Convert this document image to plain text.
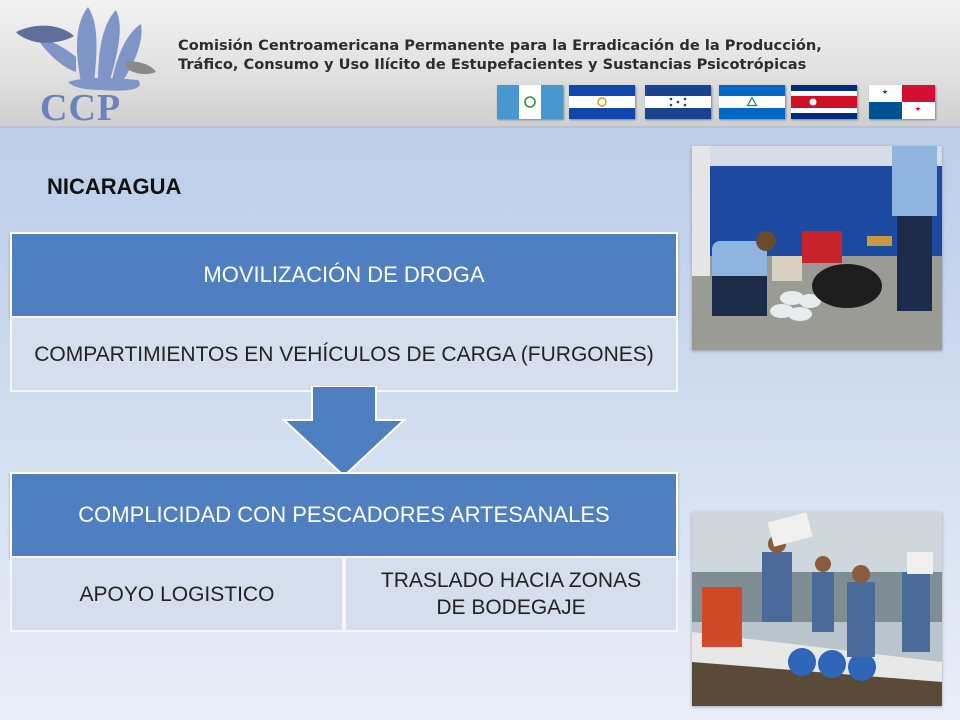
CCP
Comisión Centroamericana Permanente para la Erradicación de la Producción,
Tráfico, Consumo y Uso Ilícito de Estupefacientes y Sustancias Psicotrópicas
NICARAGUA
MOVILIZACIÓN DE DROGA
COMPARTIMIENTOS EN VEHÍCULOS DE CARGA (FURGONES)
COMPLICIDAD CON PESCADORES ARTESANALES
APOYO LOGISTICO
TRASLADO HACIA ZONAS DE BODEGAJE
